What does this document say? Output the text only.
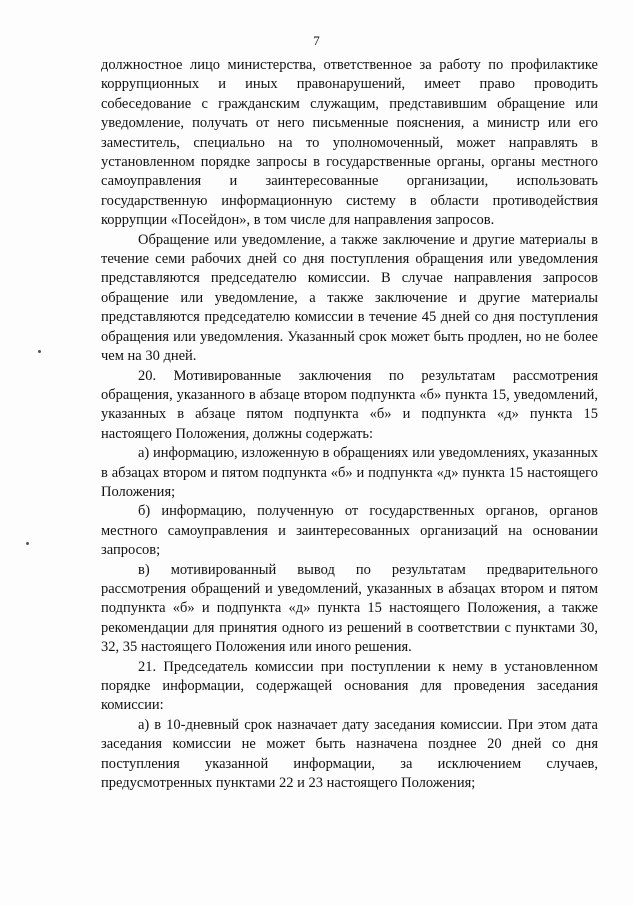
7

должностное лицо министерства, ответственное за работу по профилактике коррупционных и иных правонарушений, имеет право проводить собеседование с гражданским служащим, представившим обращение или уведомление, получать от него письменные пояснения, а министр или его заместитель, специально на то уполномоченный, может направлять в установленном порядке запросы в государственные органы, органы местного самоуправления и заинтересованные организации, использовать государственную информационную систему в области противодействия коррупции «Посейдон», в том числе для направления запросов.

Обращение или уведомление, а также заключение и другие материалы в течение семи рабочих дней со дня поступления обращения или уведомления представляются председателю комиссии. В случае направления запросов обращение или уведомление, а также заключение и другие материалы представляются председателю комиссии в течение 45 дней со дня поступления обращения или уведомления. Указанный срок может быть продлен, но не более чем на 30 дней.

20. Мотивированные заключения по результатам рассмотрения обращения, указанного в абзаце втором подпункта «б» пункта 15, уведомлений, указанных в абзаце пятом подпункта «б» и подпункта «д» пункта 15 настоящего Положения, должны содержать:

а) информацию, изложенную в обращениях или уведомлениях, указанных в абзацах втором и пятом подпункта «б» и подпункта «д» пункта 15 настоящего Положения;

б) информацию, полученную от государственных органов, органов местного самоуправления и заинтересованных организаций на основании запросов;

в) мотивированный вывод по результатам предварительного рассмотрения обращений и уведомлений, указанных в абзацах втором и пятом подпункта «б» и подпункта «д» пункта 15 настоящего Положения, а также рекомендации для принятия одного из решений в соответствии с пунктами 30, 32, 35 настоящего Положения или иного решения.

21. Председатель комиссии при поступлении к нему в установленном порядке информации, содержащей основания для проведения заседания комиссии:

а) в 10-дневный срок назначает дату заседания комиссии. При этом дата заседания комиссии не может быть назначена позднее 20 дней со дня поступления указанной информации, за исключением случаев, предусмотренных пунктами 22 и 23 настоящего Положения;
